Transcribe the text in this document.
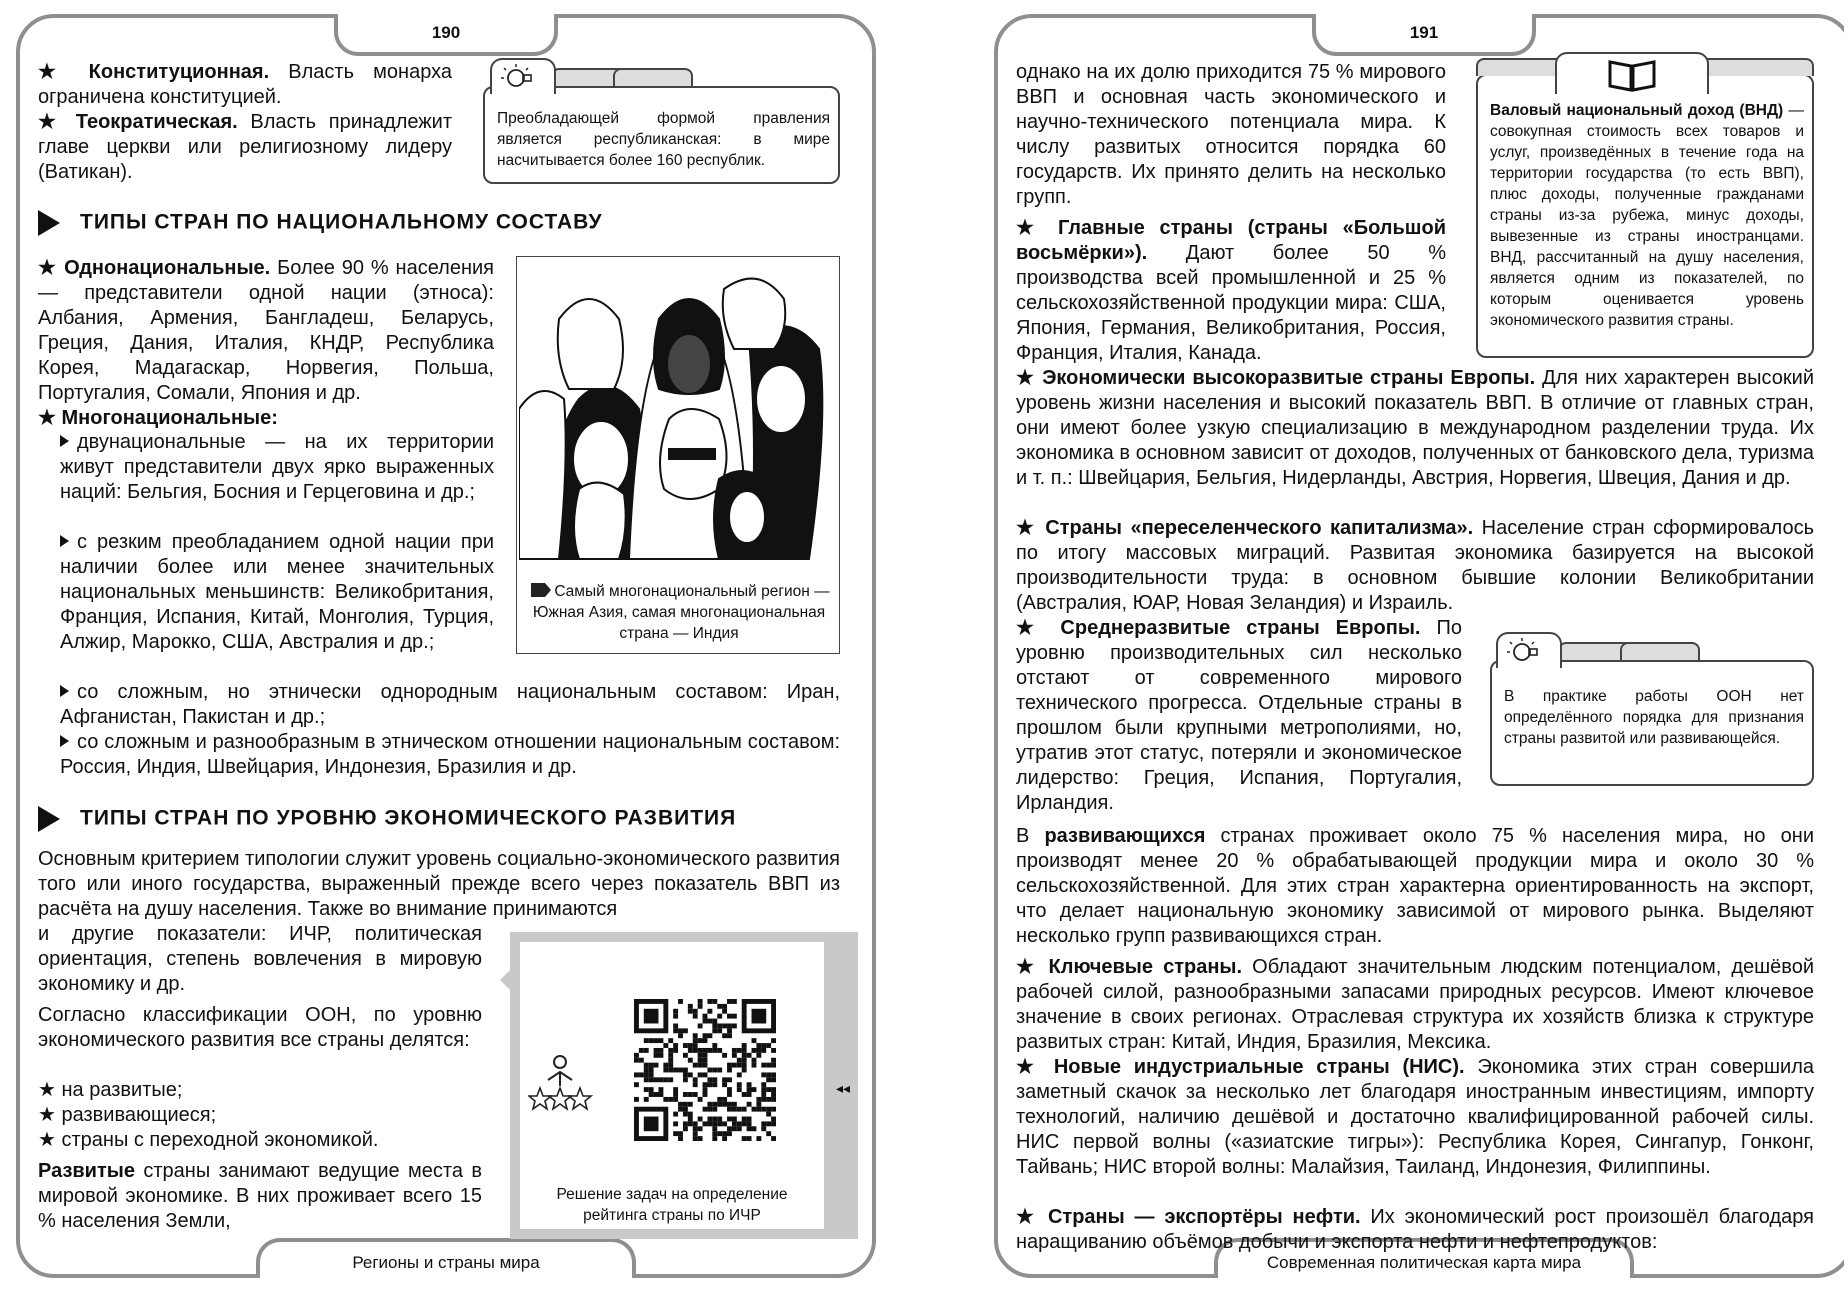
190
Регионы и страны мира
★ Конституционная. Власть монарха ограничена конституцией.
★ Теократическая. Власть принадлежит главе церкви или религиозному лидеру (Ватикан).

Преобладающей формой правления является республиканская: в мире насчитывается более 160 республик.

ТИПЫ СТРАН ПО НАЦИОНАЛЬНОМУ СОСТАВУ
★ Однонациональные. Более 90 % населения — представители одной нации (этноса): Албания, Армения, Бангладеш, Беларусь, Греция, Дания, Италия, КНДР, Республика Корея, Мадагаскар, Норвегия, Польша, Португалия, Сомали, Япония и др.
★ Многонациональные:
двунациональные — на их территории живут представители двух ярко выраженных наций: Бельгия, Босния и Герцеговина и др.;
с резким преобладанием одной нации при наличии более или менее значительных национальных меньшинств: Великобритания, Франция, Испания, Китай, Монголия, Турция, Алжир, Марокко, США, Австралия и др.;
со сложным, но этнически однородным национальным составом: Иран, Афганистан, Пакистан и др.;
со сложным и разнообразным в этническом отношении национальным составом: Россия, Индия, Швейцария, Индонезия, Бразилия и др.
Самый многонациональный регион — Южная Азия, самая многонациональная страна — Индия
ТИПЫ СТРАН ПО УРОВНЮ ЭКОНОМИЧЕСКОГО РАЗВИТИЯ
Основным критерием типологии служит уровень социально-экономического развития того или иного государства, выраженный прежде всего через показатель ВВП из расчёта на душу населения. Также во внимание принимаются
и другие показатели: ИЧР, политическая ориентация, степень вовлечения в мировую экономику и др.
Согласно классификации ООН, по уровню экономического развития все страны делятся:
★ на развитые;
★ развивающиеся;
★ страны с переходной экономикой.
Развитые страны занимают ведущие места в мировой экономике. В них проживает всего 15 % населения Земли,
Решение задач на определение рейтинга страны по ИЧР
◂◂
191
Современная политическая карта мира
однако на их долю приходится 75 % мирового ВВП и основная часть экономического и научно-технического потенциала мира. К числу развитых относится порядка 60 государств. Их принято делить на несколько групп.
★ Главные страны (страны «Большой восьмёрки»). Дают более 50 % производства всей промышленной и 25 % сельскохозяйственной продукции мира: США, Япония, Германия, Великобритания, Россия, Франция, Италия, Канада.

Валовый национальный доход (ВНД) — совокупная стоимость всех товаров и услуг, произведённых в течение года на территории государства (то есть ВВП), плюс доходы, полученные гражданами страны из-за рубежа, минус доходы, вывезенные из страны иностранцами. ВНД, рассчитанный на душу населения, является одним из показателей, по которым оценивается уровень экономического развития страны.

★ Экономически высокоразвитые страны Европы. Для них характерен высокий уровень жизни населения и высокий показатель ВВП. В отличие от главных стран, они имеют более узкую специализацию в международном разделении труда. Их экономика в основном зависит от доходов, полученных от банковского дела, туризма и т. п.: Швейцария, Бельгия, Нидерланды, Австрия, Норвегия, Швеция, Дания и др.
★ Страны «переселенческого капитализма». Население стран сформировалось по итогу массовых миграций. Развитая экономика базируется на высокой производительности труда: в основном бывшие колонии Великобритании (Австралия, ЮАР, Новая Зеландия) и Израиль.
★ Среднеразвитые страны Европы. По уровню производительных сил несколько отстают от современного мирового технического прогресса. Отдельные страны в прошлом были крупными метрополиями, но, утратив этот статус, потеряли и экономическое лидерство: Греция, Испания, Португалия, Ирландия.

В практике работы ООН нет определённого порядка для признания страны развитой или развивающейся.

В развивающихся странах проживает около 75 % населения мира, но они производят менее 20 % обрабатывающей продукции мира и около 30 % сельскохозяйственной. Для этих стран характерна ориентированность на экспорт, что делает национальную экономику зависимой от мирового рынка. Выделяют несколько групп развивающихся стран.
★ Ключевые страны. Обладают значительным людским потенциалом, дешёвой рабочей силой, разнообразными запасами природных ресурсов. Имеют ключевое значение в своих регионах. Отраслевая структура их хозяйств близка к структуре развитых стран: Китай, Индия, Бразилия, Мексика.
★ Новые индустриальные страны (НИС). Экономика этих стран совершила заметный скачок за несколько лет благодаря иностранным инвестициям, импорту технологий, наличию дешёвой и достаточно квалифицированной рабочей силы. НИС первой волны («азиатские тигры»): Республика Корея, Сингапур, Гонконг, Тайвань; НИС второй волны: Малайзия, Таиланд, Индонезия, Филиппины.
★ Страны — экспортёры нефти. Их экономический рост произошёл благодаря наращиванию объёмов добычи и экспорта нефти и нефтепродуктов:
